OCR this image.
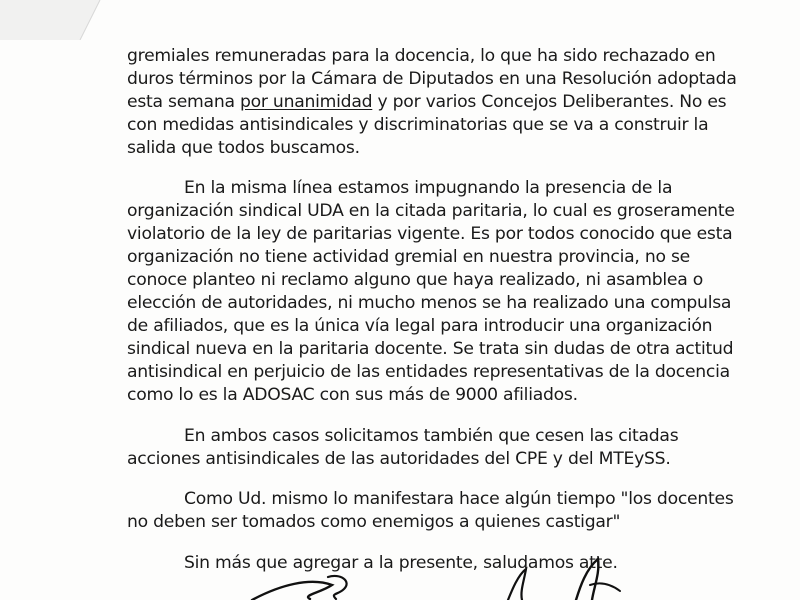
gremiales remuneradas para la docencia, lo que ha sido rechazado en
duros términos por la Cámara de Diputados en una Resolución adoptada
esta semana por unanimidad y por varios Concejos Deliberantes. No es
con medidas antisindicales y discriminatorias que se va a construir la
salida que todos buscamos.
En la misma línea estamos impugnando la presencia de la
organización sindical UDA en la citada paritaria, lo cual es groseramente
violatorio de la ley de paritarias vigente. Es por todos conocido que esta
organización no tiene actividad gremial en nuestra provincia, no se
conoce planteo ni reclamo alguno que haya realizado, ni asamblea o
elección de autoridades, ni mucho menos se ha realizado una compulsa
de afiliados, que es la única vía legal para introducir una organización
sindical nueva en la paritaria docente. Se trata sin dudas de otra actitud
antisindical en perjuicio de las entidades representativas de la docencia
como lo es la ADOSAC con sus más de 9000 afiliados.
En ambos casos solicitamos también que cesen las citadas
acciones antisindicales de las autoridades del CPE y del MTEySS.
Como Ud. mismo lo manifestara hace algún tiempo "los docentes
no deben ser tomados como enemigos a quienes castigar"
Sin más que agregar a la presente, saludamos atte.
